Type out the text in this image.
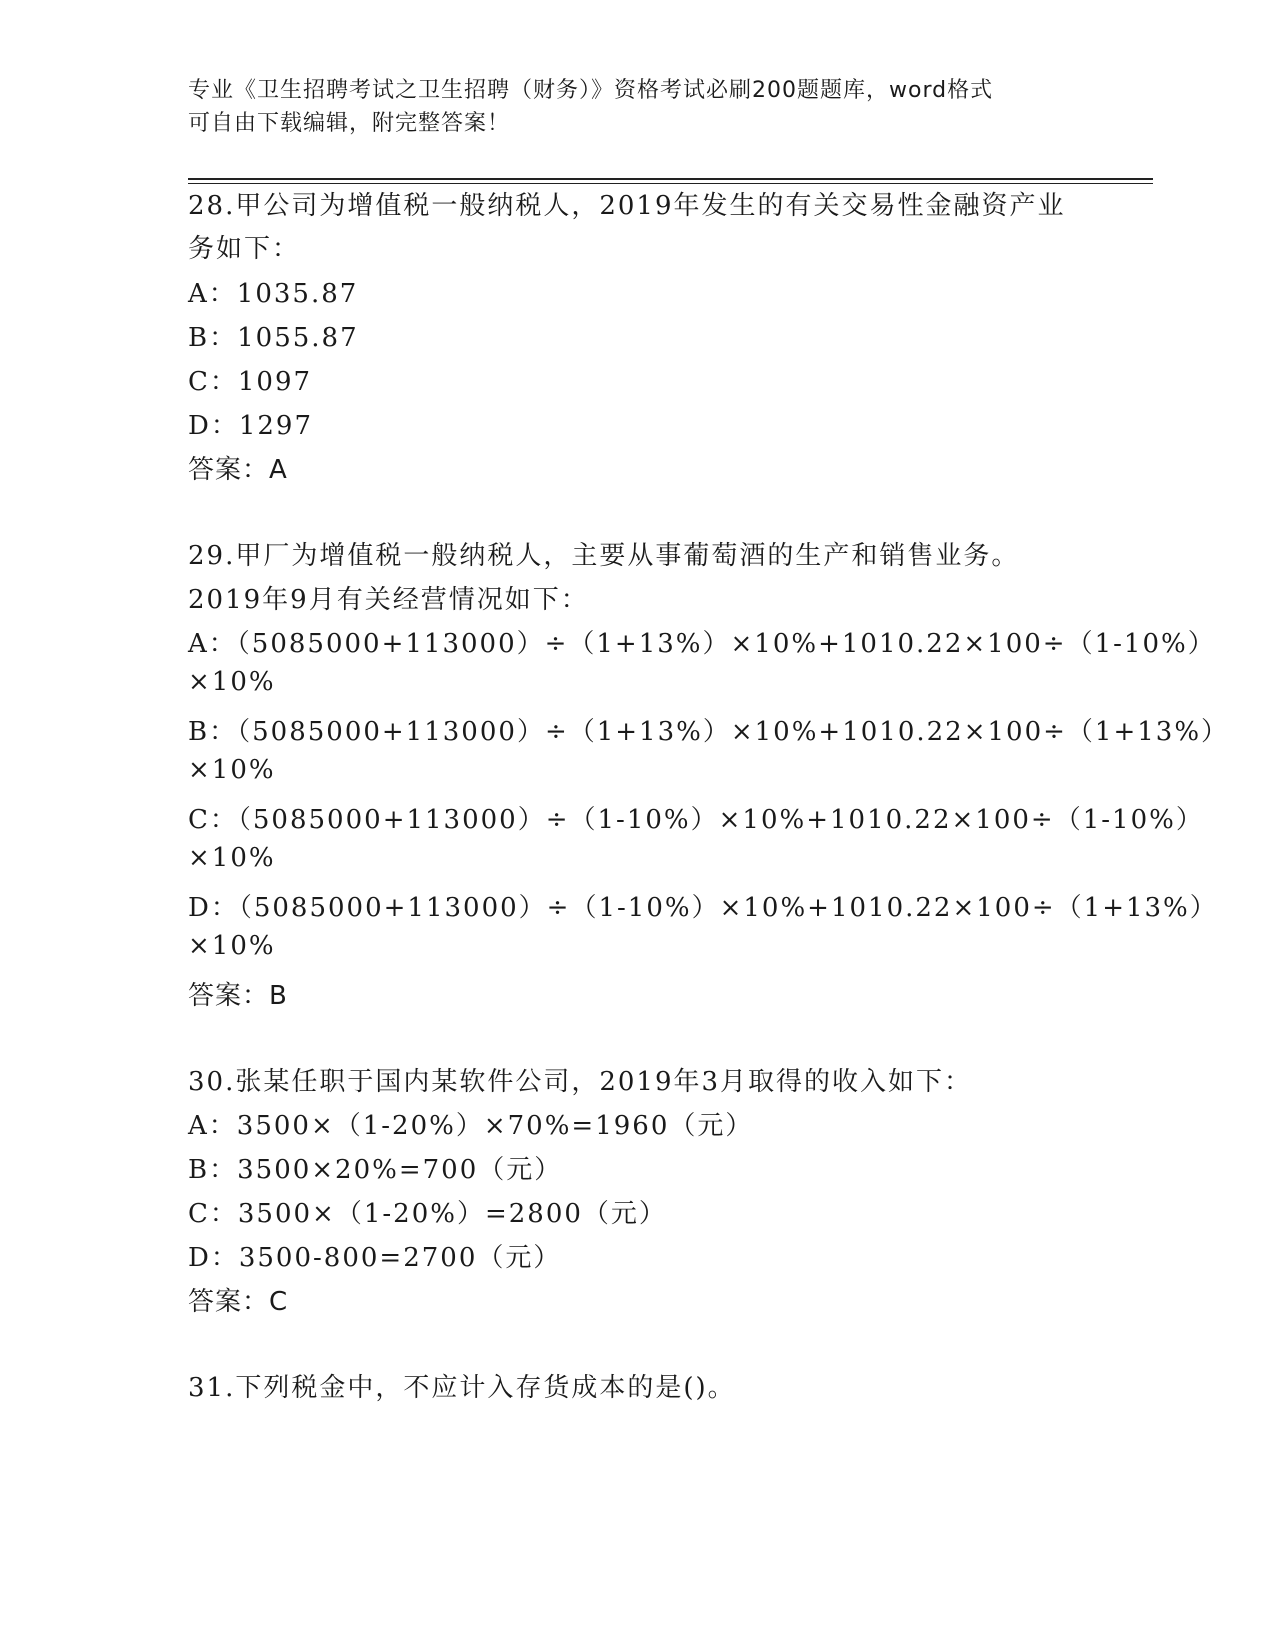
专业《卫生招聘考试之卫生招聘（财务）》资格考试必刷200题题库，word格式
可自由下载编辑，附完整答案！
28.甲公司为增值税一般纳税人，2019年发生的有关交易性金融资产业
务如下：
A：1035.87
B：1055.87
C：1097
D：1297
答案：A
29.甲厂为增值税一般纳税人，主要从事葡萄酒的生产和销售业务。
2019年9月有关经营情况如下：
A：（5085000+113000）÷（1+13%）×10%+1010.22×100÷（1-10%）
×10%
B：（5085000+113000）÷（1+13%）×10%+1010.22×100÷（1+13%）
×10%
C：（5085000+113000）÷（1-10%）×10%+1010.22×100÷（1-10%）
×10%
D：（5085000+113000）÷（1-10%）×10%+1010.22×100÷（1+13%）
×10%
答案：B
30.张某任职于国内某软件公司，2019年3月取得的收入如下：
A：3500×（1-20%）×70%=1960（元）
B：3500×20%=700（元）
C：3500×（1-20%）=2800（元）
D：3500-800=2700（元）
答案：C
31.下列税金中，不应计入存货成本的是()。
